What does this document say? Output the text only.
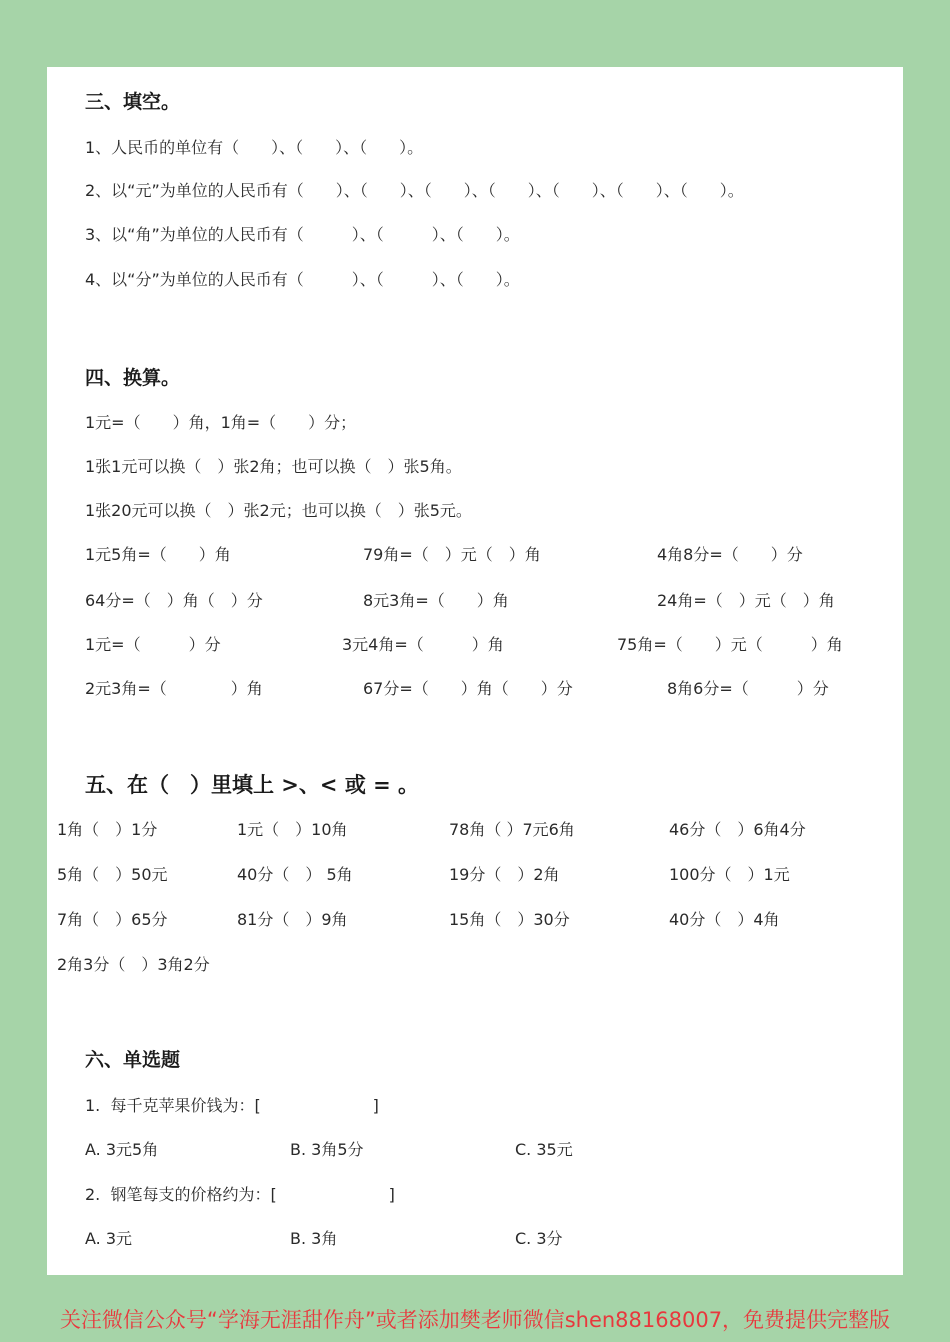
三、填空。
1、人民币的单位有（　　）、（　　）、（　　）。
2、以“元”为单位的人民币有（　　）、（　　）、（　　）、（　　）、（　　）、（　　）、（　　）。
3、以“角”为单位的人民币有（　　　）、（　　　）、（　　）。
4、以“分”为单位的人民币有（　　　）、（　　　）、（　　）。
四、换算。
1元=（　　）角，1角=（　　）分；
1张1元可以换（　）张2角；也可以换（　）张5角。
1张20元可以换（　）张2元；也可以换（　）张5元。
1元5角=（　　）角	79角=（　）元（　）角	4角8分=（　　）分
64分=（　）角（　）分	8元3角=（　　）角	24角=（　）元（　）角
1元=（　　　）分	3元4角=（　　　）角	75角=（　　）元（　　　）角
2元3角=（　　　　）角	67分=（　　）角（　　）分	8角6分=（　　　）分
五、在（　）里填上 >、< 或 = 。
1角（　）1分	1元（　）10角	78角（ ）7元6角	46分（　）6角4分
5角（　）50元	40分（　） 5角	19分（　）2角	100分（　）1元
7角（　）65分	81分（　）9角	15角（　）30分	40分（　）4角
2角3分（　）3角2分
六、单选题
1.  每千克苹果价钱为：[　　　　　　　]
A. 3元5角	B. 3角5分	C. 35元
2.  钢笔每支的价格约为：[　　　　　　　]
A. 3元	B. 3角	C. 3分
关注微信公众号“学海无涯甜作舟”或者添加樊老师微信shen88168007，免费提供完整版
